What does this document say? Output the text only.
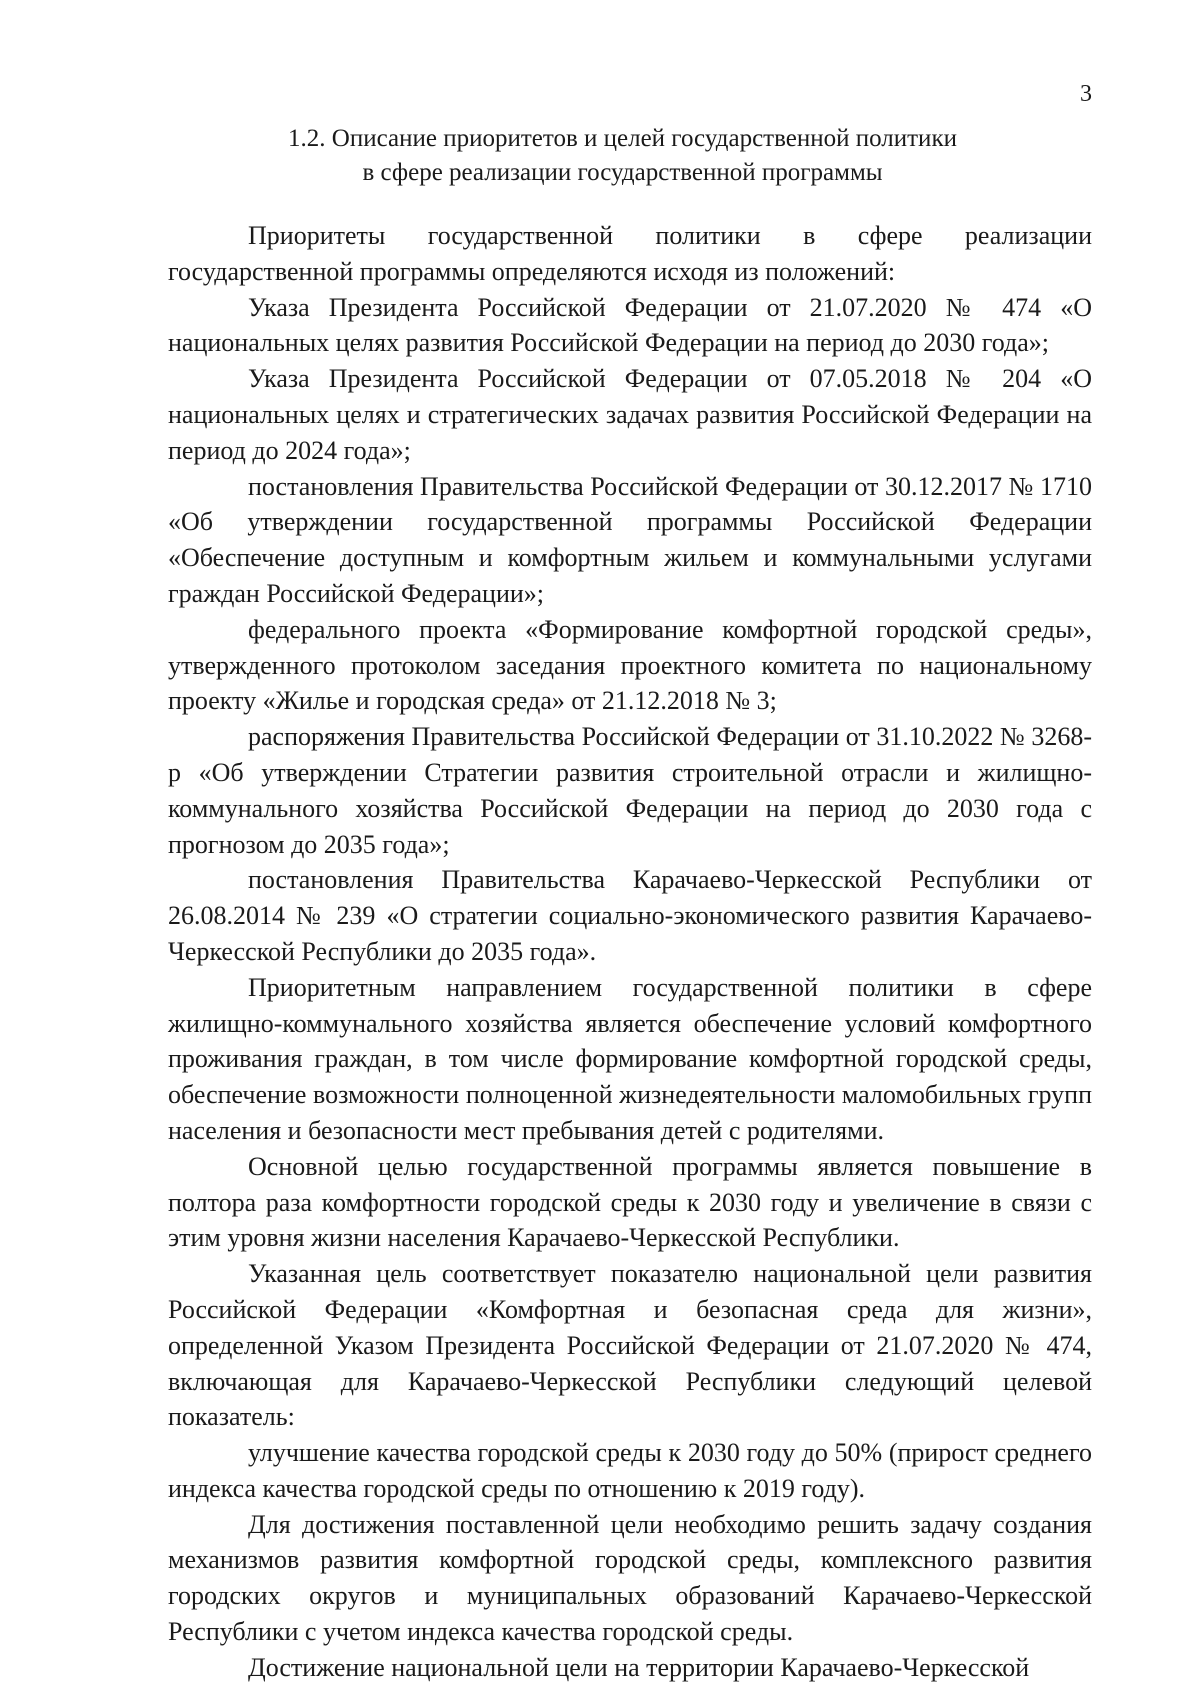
3
1.2. Описание приоритетов и целей государственной политики
в сфере реализации государственной программы

Приоритеты государственной политики в сфере реализации государственной программы определяются исходя из положений:

Указа Президента Российской Федерации от 21.07.2020 № 474 «О национальных целях развития Российской Федерации на период до 2030 года»;

Указа Президента Российской Федерации от 07.05.2018 № 204 «О национальных целях и стратегических задачах развития Российской Федерации на период до 2024 года»;

постановления Правительства Российской Федерации от 30.12.2017 № 1710 «Об утверждении государственной программы Российской Федерации «Обеспечение доступным и комфортным жильем и коммунальными услугами граждан Российской Федерации»;

федерального проекта «Формирование комфортной городской среды», утвержденного протоколом заседания проектного комитета по национальному проекту «Жилье и городская среда» от 21.12.2018 № 3;

распоряжения Правительства Российской Федерации от 31.10.2022 № 3268-р «Об утверждении Стратегии развития строительной отрасли и жилищно-коммунального хозяйства Российской Федерации на период до 2030 года с прогнозом до 2035 года»;

постановления Правительства Карачаево-Черкесской Республики от 26.08.2014 № 239 «О стратегии социально-экономического развития Карачаево-Черкесской Республики до 2035 года».

Приоритетным направлением государственной политики в сфере жилищно-коммунального хозяйства является обеспечение условий комфортного проживания граждан, в том числе формирование комфортной городской среды, обеспечение возможности полноценной жизнедеятельности маломобильных групп населения и безопасности мест пребывания детей с родителями.

Основной целью государственной программы является повышение в полтора раза комфортности городской среды к 2030 году и увеличение в связи с этим уровня жизни населения Карачаево-Черкесской Республики.

Указанная цель соответствует показателю национальной цели развития Российской Федерации «Комфортная и безопасная среда для жизни», определенной Указом Президента Российской Федерации от 21.07.2020 № 474, включающая для Карачаево-Черкесской Республики следующий целевой показатель:

улучшение качества городской среды к 2030 году до 50% (прирост среднего индекса качества городской среды по отношению к 2019 году).

Для достижения поставленной цели необходимо решить задачу создания механизмов развития комфортной городской среды, комплексного развития городских округов и муниципальных образований Карачаево-Черкесской Республики с учетом индекса качества городской среды.

Достижение национальной цели на территории Карачаево-Черкесской
